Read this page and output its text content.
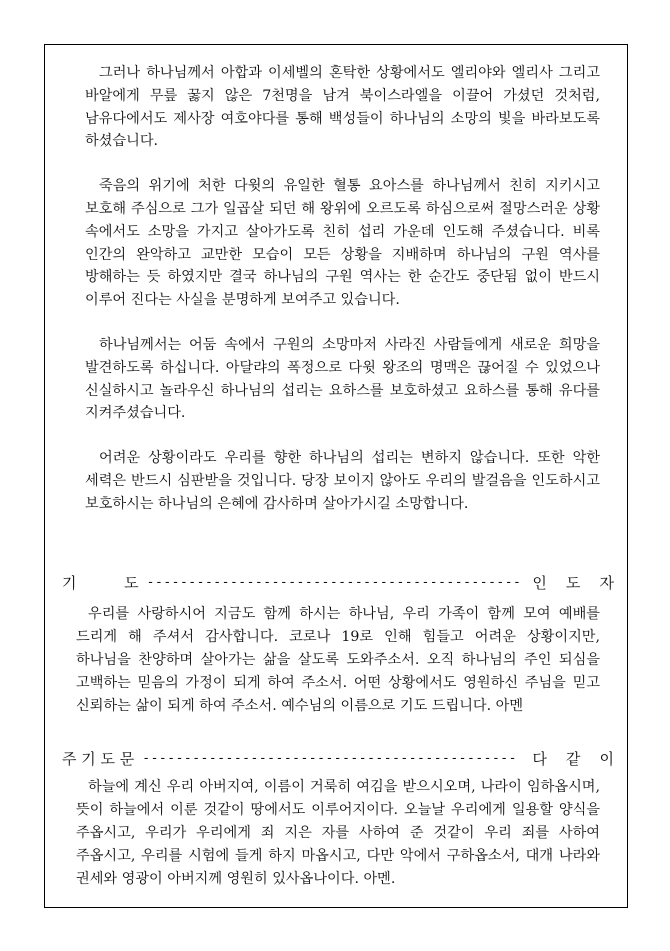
그러나 하나님께서 아합과 이세벨의 혼탁한 상황에서도 엘리야와 엘리사 그리고 바알에게 무릎 꿇지 않은 7천명을 남겨 북이스라엘을 이끌어 가셨던 것처럼, 남유다에서도 제사장 여호야다를 통해 백성들이 하나님의 소망의 빛을 바라보도록 하셨습니다.

죽음의 위기에 처한 다윗의 유일한 혈통 요아스를 하나님께서 친히 지키시고 보호해 주심으로 그가 일곱살 되던 해 왕위에 오르도록 하심으로써 절망스러운 상황 속에서도 소망을 가지고 살아가도록 친히 섭리 가운데 인도해 주셨습니다. 비록 인간의 완악하고 교만한 모습이 모든 상황을 지배하며 하나님의 구원 역사를 방해하는 듯 하였지만 결국 하나님의 구원 역사는 한 순간도 중단됨 없이 반드시 이루어 진다는 사실을 분명하게 보여주고 있습니다.

하나님께서는 어둠 속에서 구원의 소망마저 사라진 사람들에게 새로운 희망을 발견하도록 하십니다. 아달랴의 폭정으로 다윗 왕조의 명맥은 끊어질 수 있었으나 신실하시고 놀라우신 하나님의 섭리는 요하스를 보호하셨고 요하스를 통해 유다를 지켜주셨습니다.

어려운 상황이라도 우리를 향한 하나님의 섭리는 변하지 않습니다. 또한 악한 세력은 반드시 심판받을 것입니다. 당장 보이지 않아도 우리의 발걸음을 인도하시고 보호하시는 하나님의 은혜에 감사하며 살아가시길 소망합니다.

기          도 --------------------------------------------- 인    도    자

우리를 사랑하시어 지금도 함께 하시는 하나님, 우리 가족이 함께 모여 예배를 드리게 해 주셔서 감사합니다. 코로나 19로 인해 힘들고 어려운 상황이지만, 하나님을 찬양하며 살아가는 삶을 살도록 도와주소서. 오직 하나님의 주인 되심을 고백하는 믿음의 가정이 되게 하여 주소서. 어떤 상황에서도 영원하신 주님을 믿고 신뢰하는 삶이 되게 하여 주소서. 예수님의 이름으로 기도 드립니다. 아멘

주 기 도 문 ---------------------------------------------	다    같    이

하늘에 계신 우리 아버지여, 이름이 거룩히 여김을 받으시오며, 나라이 임하옵시며, 뜻이 하늘에서 이룬 것같이 땅에서도 이루어지이다. 오늘날 우리에게 일용할 양식을 주옵시고, 우리가 우리에게 죄 지은 자를 사하여 준 것같이 우리 죄를 사하여 주옵시고, 우리를 시험에 들게 하지 마옵시고, 다만 악에서 구하옵소서, 대개 나라와 권세와 영광이 아버지께 영원히 있사옵나이다. 아멘.
